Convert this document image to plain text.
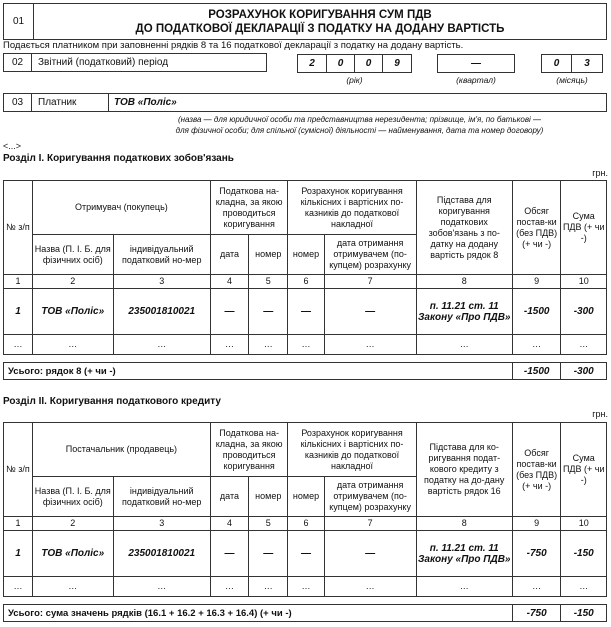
01
РОЗРАХУНОК КОРИГУВАННЯ СУМ ПДВ
ДО ПОДАТКОВОЇ ДЕКЛАРАЦІЇ З ПОДАТКУ НА ДОДАНУ ВАРТІСТЬ
Подається платником при заповненні рядків 8 та 16 податкової декларації з податку на додану вартість.
02	Звітний (податковий) період	2	0	0	9	—	0	3
(рік)	(квартал)	(місяць)
03	Платник	ТОВ «Поліс»
(назва — для юридичної особи та представництва нерезидента; прізвище, ім'я, по батькові —
для фізичної особи; для спільної (сумісної) діяльності — найменування, дата та номер договору)
<...>
Розділ І. Коригування податкових зобов'язань
грн.
№ з/п	Отримувач (покупець)		Податкова на-кладна, за якою проводиться коригування		Розрахунок коригування кількісних і вартісних по-казників до податкової накладної		Підстава для коригування податкових зобов'язань з по-датку на додану вартість рядок 8	Обсяг постав-ки (без ПДВ) (+ чи -)	Сума ПДВ (+ чи -)
	Назва (П. І. Б. для фізичних осіб)	індивідуальний податковий но-мер	дата	номер	номер	дата отримання отримувачем (по-купцем) розрахунку			
1	2	3	4	5	6	7	8	9	10
1	ТОВ «Поліс»	235001810021	—	—	—	—	п. 11.21 ст. 11 Закону «Про ПДВ»	-1500	-300
…	…	…	…	…	…	…	…	…	…

Усього: рядок 8 (+ чи -)								-1500	-300
Розділ ІІ. Коригування податкового кредиту
грн.
№ з/п	Постачальник (продавець)		Податкова на-кладна, за якою проводиться коригування		Розрахунок коригування кількісних і вартісних по-казників до податкової накладної		Підстава для ко-ригування подат-кового кредиту з податку на до-дану вартість рядок 16	Обсяг постав-ки (без ПДВ) (+ чи -)	Сума ПДВ (+ чи -)
	Назва (П. І. Б. для фізичних осіб)	індивідуальний податковий но-мер	дата	номер	номер	дата отримання отримувачем (по-купцем) розрахунку			
1	2	3	4	5	6	7	8	9	10
1	ТОВ «Поліс»	235001810021	—	—	—	—	п. 11.21 ст. 11 Закону «Про ПДВ»	-750	-150
…	…	…	…	…	…	…	…	…	…

Усього: сума значень рядків (16.1 + 16.2 + 16.3 + 16.4) (+ чи -)								-750	-150
